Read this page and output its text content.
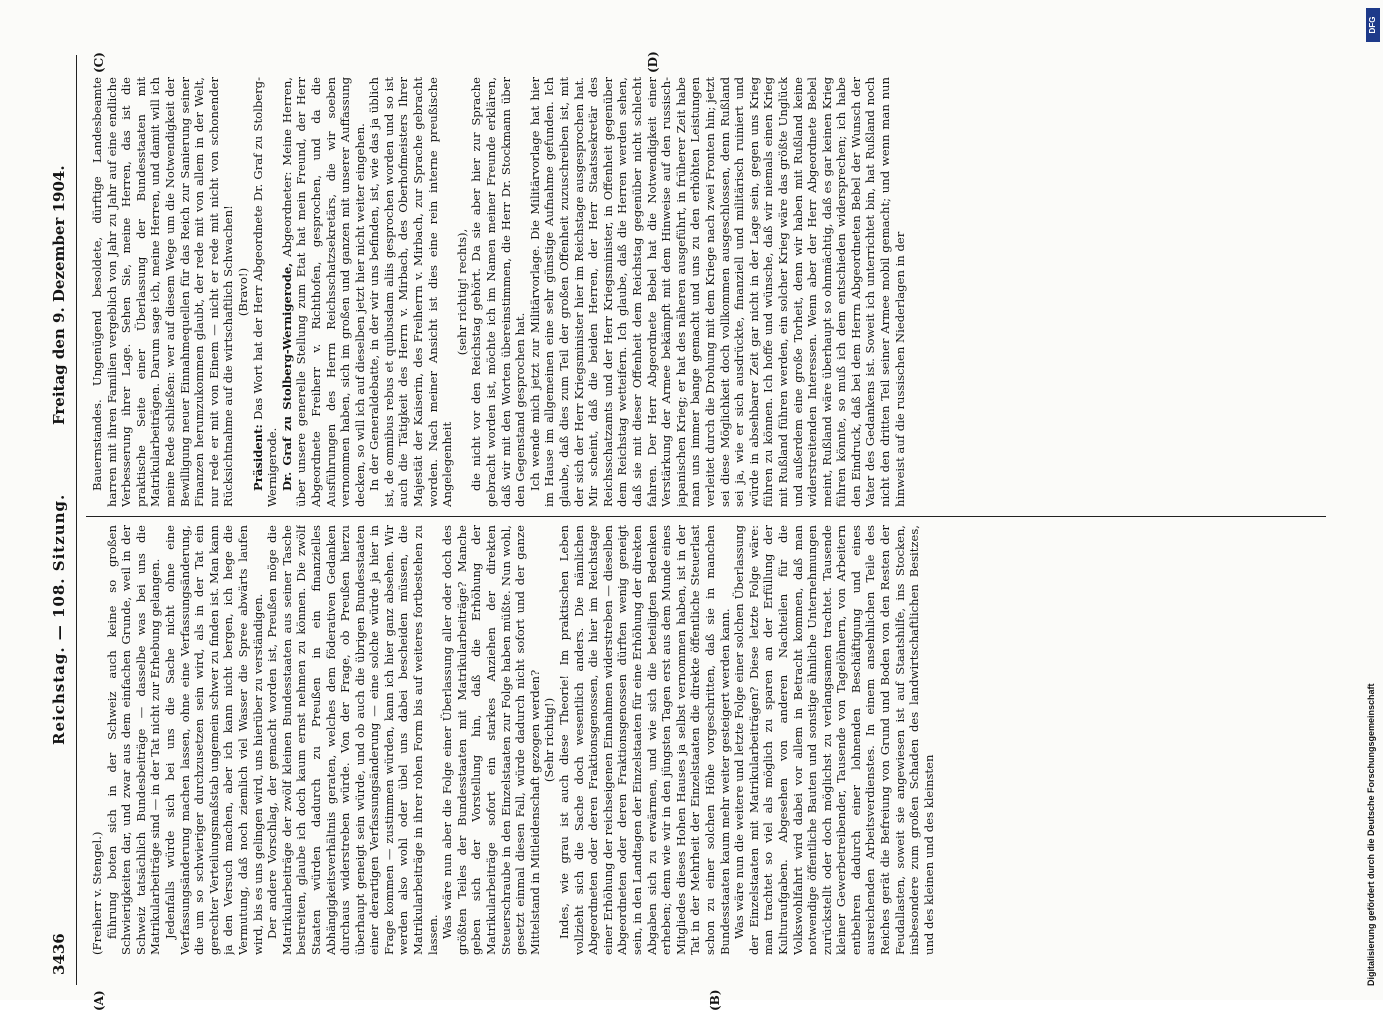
3436
Reichstag. — 108. Sitzung.
Freitag den 9. Dezember 1904.
(A)	(B)
(C)	(D)
(Freiherr v. Stengel.) führung boten sich in der Schweiz auch keine so großen Schwierigkeiten dar, und zwar aus dem einfachen Grunde, weil in der Schweiz tatsächlich Bundesbeiträge — dasselbe was bei uns die Matrikularbeiträge sind — in der Tat nicht zur Erhebung gelangen. Jedenfalls würde sich bei uns die Sache nicht ohne eine Verfassungsänderung machen lassen, ohne eine Verfassungsänderung, die um so schwieriger durchzusetzen sein wird, als in der Tat ein gerechter Verteilungsmaßstab ungemein schwer zu finden ist. Man kann ja den Versuch machen, aber ich kann nicht bergen, ich hege die Vermutung, daß noch ziemlich viel Wasser die Spree abwärts laufen wird, bis es uns gelingen wird, uns hierüber zu verständigen. Der andere Vorschlag, der gemacht worden ist, Preußen möge die Matrikularbeiträge der zwölf kleinen Bundesstaaten aus seiner Tasche bestreiten, glaube ich doch kaum ernst nehmen zu können. Die zwölf Staaten würden dadurch zu Preußen in ein finanzielles Abhängigkeitsverhältnis geraten, welches dem föderativen Gedanken durchaus widerstreben würde. Von der Frage, ob Preußen hierzu überhaupt geneigt sein würde, und ob auch die übrigen Bundesstaaten einer derartigen Verfassungsänderung — eine solche würde ja hier in Frage kommen — zustimmen würden, kann ich hier ganz absehen. Wir werden also wohl oder übel uns dabei bescheiden müssen, die Matrikularbeiträge in ihrer rohen Form bis auf weiteres fortbestehen zu lassen. Was wäre nun aber die Folge einer Überlassung aller oder doch des größten Teiles der Bundesstaaten mit Matrikularbeiträge? Manche geben sich der Vorstellung hin, daß die Erhöhung der Matrikularbeiträge sofort ein starkes Anziehen der direkten Steuerschraube in den Einzelstaaten zur Folge haben müßte. Nun wohl, gesetzt einmal diesen Fall, würde dadurch nicht sofort und der ganze Mittelstand in Mitleidenschaft gezogen werden? (Sehr richtig!) Indes, wie grau ist auch diese Theorie! Im praktischen Leben vollzieht sich die Sache doch wesentlich anders. Die nämlichen Abgeordneten oder deren Fraktionsgenossen, die hier im Reichstage einer Erhöhung der reichseigenen Einnahmen widerstreben — dieselben Abgeordneten oder deren Fraktionsgenossen dürften wenig geneigt sein, in den Landtagen der Einzelstaaten für eine Erhöhung der direkten Abgaben sich zu erwärmen, und wie sich die beteiligten Bedenken erheben; denn wie wir in den jüngsten Tagen erst aus dem Munde eines Mitgliedes dieses Hohen Hauses ja selbst vernommen haben, ist in der Tat in der Mehrheit der Einzelstaaten die direkte öffentliche Steuerlast schon zu einer solchen Höhe vorgeschritten, daß sie in manchen Bundesstaaten kaum mehr weiter gesteigert werden kann. Was wäre nun die weitere und letzte Folge einer solchen Überlassung der Einzelstaaten mit Matrikularbeiträgen? Diese letzte Folge wäre: man trachtet so viel als möglich zu sparen an der Erfüllung der Kulturaufgaben. Abgesehen von anderen Nachteilen für die Volkswohlfahrt wird dabei vor allem in Betracht kommen, daß man notwendige öffentliche Bauten und sonstige ähnliche Unternehmungen zurückstellt oder doch möglichst zu verlangsamen trachtet. Tausende kleiner Gewerbetreibender, Tausende von Tagelöhnern, von Arbeitern entbehren dadurch einer lohnenden Beschäftigung und eines ausreichenden Arbeitsverdienstes. In einem ansehnlichen Teile des Reiches gerät die Befreiung von Grund und Boden von den Resten der Feudallasten, soweit sie angewiesen ist auf Staatshilfe, ins Stocken, insbesondere zum großen Schaden des landwirtschaftlichen Besitzes, und des kleinen und des kleinsten

Bauernstandes. Ungenügend besoldete, dürftige Landesbeamte harren mit ihren Familien vergeblich von Jahr zu Jahr auf eine endliche Verbesserung ihrer Lage. Sehen Sie, meine Herren, das ist die praktische Seite einer Überlassung der Bundesstaaten mit Matrikularbeiträgen. Darum sage ich, meine Herren, und damit will ich meine Rede schließen: wer auf diesem Wege um die Notwendigkeit der Bewilligung neuer Einnahmequellen für das Reich zur Sanierung seiner Finanzen herumzukommen glaubt, der rede mit von allem in der Welt, nur rede er mit von Einem — nicht er rede mit nicht von schonender Rücksichtnahme auf die wirtschaftlich Schwachen! (Bravo!)

Präsident: Das Wort hat der Herr Abgeordnete Dr. Graf zu Stolberg-Wernigerode. Dr. Graf zu Stolberg-Wernigerode, Abgeordneter: Meine Herren, über unsere generelle Stellung zum Etat hat mein Freund, der Herr Abgeordnete Freiherr v. Richthofen, gesprochen, und da die Ausführungen des Herrn Reichsschatzsekretärs, die wir soeben vernommen haben, sich im großen und ganzen mit unserer Auffassung decken, so will ich auf dieselben jetzt hier nicht weiter eingehen. In der Generaldebatte, in der wir uns befinden, ist, wie das ja üblich ist, de omnibus rebus et quibusdam aliis gesprochen worden und so ist auch die Tätigkeit des Herrn v. Mirbach, des Oberhofmeisters Ihrer Majestät der Kaiserin, des Freiherrn v. Mirbach, zur Sprache gebracht worden. Nach meiner Ansicht ist dies eine rein interne preußische Angelegenheit

(sehr richtig! rechts), die nicht vor den Reichstag gehört. Da sie aber hier zur Sprache gebracht worden ist, möchte ich im Namen meiner Freunde erklären, daß wir mit den Worten übereinstimmen, die Herr Dr. Stockmann über den Gegenstand gesprochen hat. Ich wende mich jetzt zur Militärvorlage. Die Militärvorlage hat hier im Hause im allgemeinen eine sehr günstige Aufnahme gefunden. Ich glaube, daß dies zum Teil der großen Offenheit zuzuschreiben ist, mit der sich der Herr Kriegsminister hier im Reichstage ausgesprochen hat. Mir scheint, daß die beiden Herren, der Herr Staatssekretär des Reichsschatzamts und der Herr Kriegsminister, in Offenheit gegenüber dem Reichstag wetteifern. Ich glaube, daß die Herren werden sehen, daß sie mit dieser Offenheit dem Reichstag gegenüber nicht schlecht fahren. Der Herr Abgeordnete Bebel hat die Notwendigkeit einer Verstärkung der Armee bekämpft mit dem Hinweise auf den russisch-japanischen Krieg; er hat des näheren ausgeführt, in früherer Zeit habe man uns immer bange gemacht und uns zu den erhöhten Leistungen verleitet durch die Drohung mit dem Kriege nach zwei Fronten hin; jetzt sei diese Möglichkeit doch vollkommen ausgeschlossen, denn Rußland sei ja, wie er sich ausdrückte, finanziell und militärisch ruiniert und würde in absehbarer Zeit gar nicht in der Lage sein, gegen uns Krieg führen zu können. Ich hoffe und wünsche, daß wir niemals einen Krieg mit Rußland führen werden, ein solcher Krieg wäre das größte Unglück und außerdem eine große Torheit, denn wir haben mit Rußland keine widerstreitenden Interessen. Wenn aber der Herr Abgeordnete Bebel meint, Rußland wäre überhaupt so ohnmächtig, daß es gar keinen Krieg führen könnte, so muß ich dem entschieden widersprechen; ich habe den Eindruck, daß bei dem Herrn Abgeordneten Bebel der Wunsch der Vater des Gedankens ist. Soweit ich unterrichtet bin, hat Rußland noch nicht den dritten Teil seiner Armee mobil gemacht; und wenn man nun hinweist auf die russischen Niederlagen in der

DFG
Digitalisierung gefördert durch die Deutsche Forschungsgemeinschaft
